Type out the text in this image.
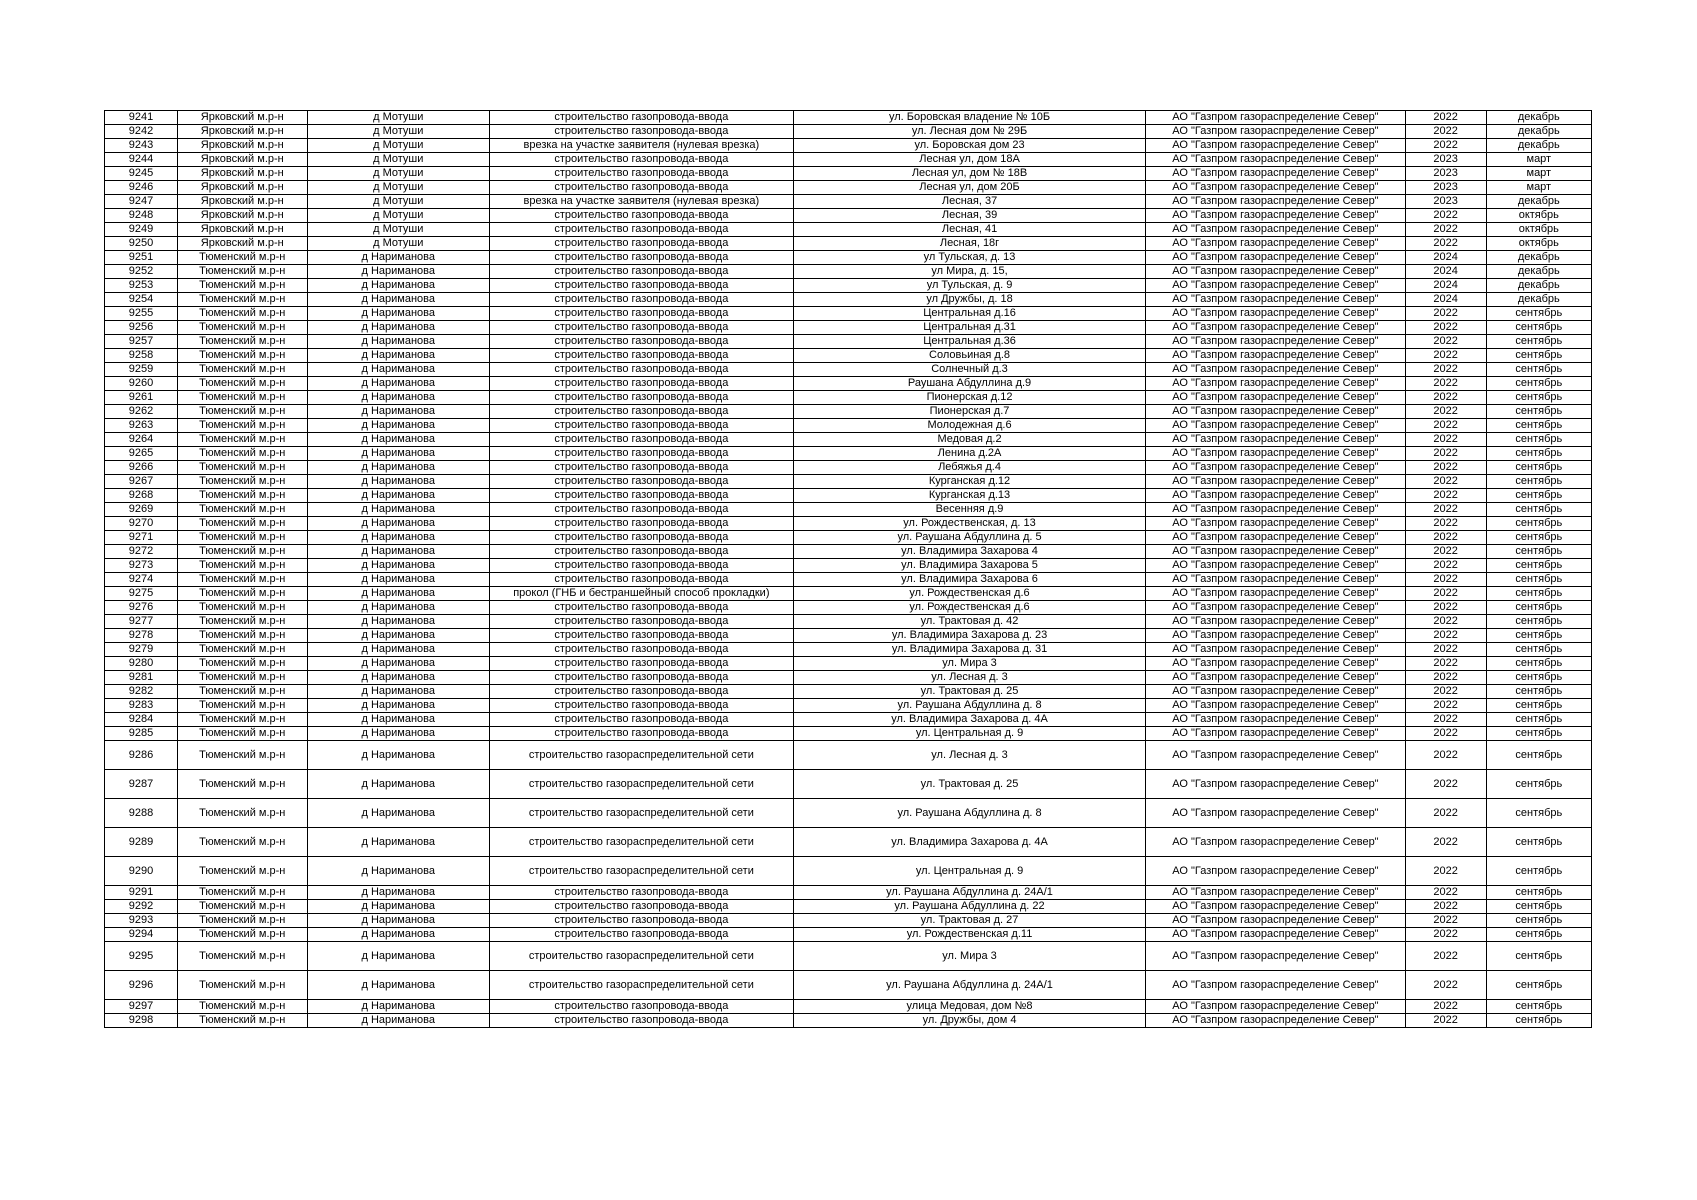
9241	Ярковский м.р-н	д Мотуши	строительство газопровода-ввода	ул. Боровская владение № 10Б	АО "Газпром газораспределение Север"	2022	декабрь
9242	Ярковский м.р-н	д Мотуши	строительство газопровода-ввода	ул. Лесная дом № 29Б	АО "Газпром газораспределение Север"	2022	декабрь
9243	Ярковский м.р-н	д Мотуши	врезка на участке заявителя (нулевая врезка)	ул. Боровская дом 23	АО "Газпром газораспределение Север"	2022	декабрь
9244	Ярковский м.р-н	д Мотуши	строительство газопровода-ввода	Лесная ул, дом 18А	АО "Газпром газораспределение Север"	2023	март
9245	Ярковский м.р-н	д Мотуши	строительство газопровода-ввода	Лесная ул, дом № 18В	АО "Газпром газораспределение Север"	2023	март
9246	Ярковский м.р-н	д Мотуши	строительство газопровода-ввода	Лесная ул, дом 20Б	АО "Газпром газораспределение Север"	2023	март
9247	Ярковский м.р-н	д Мотуши	врезка на участке заявителя (нулевая врезка)	Лесная, 37	АО "Газпром газораспределение Север"	2023	декабрь
9248	Ярковский м.р-н	д Мотуши	строительство газопровода-ввода	Лесная, 39	АО "Газпром газораспределение Север"	2022	октябрь
9249	Ярковский м.р-н	д Мотуши	строительство газопровода-ввода	Лесная, 41	АО "Газпром газораспределение Север"	2022	октябрь
9250	Ярковский м.р-н	д Мотуши	строительство газопровода-ввода	Лесная, 18г	АО "Газпром газораспределение Север"	2022	октябрь
9251	Тюменский м.р-н	д Нариманова	строительство газопровода-ввода	ул Тульская, д. 13	АО "Газпром газораспределение Север"	2024	декабрь
9252	Тюменский м.р-н	д Нариманова	строительство газопровода-ввода	ул Мира, д. 15,	АО "Газпром газораспределение Север"	2024	декабрь
9253	Тюменский м.р-н	д Нариманова	строительство газопровода-ввода	ул Тульская, д. 9	АО "Газпром газораспределение Север"	2024	декабрь
9254	Тюменский м.р-н	д Нариманова	строительство газопровода-ввода	ул Дружбы, д. 18	АО "Газпром газораспределение Север"	2024	декабрь
9255	Тюменский м.р-н	д Нариманова	строительство газопровода-ввода	Центральная д.16	АО "Газпром газораспределение Север"	2022	сентябрь
9256	Тюменский м.р-н	д Нариманова	строительство газопровода-ввода	Центральная д.31	АО "Газпром газораспределение Север"	2022	сентябрь
9257	Тюменский м.р-н	д Нариманова	строительство газопровода-ввода	Центральная д.36	АО "Газпром газораспределение Север"	2022	сентябрь
9258	Тюменский м.р-н	д Нариманова	строительство газопровода-ввода	Соловьиная д.8	АО "Газпром газораспределение Север"	2022	сентябрь
9259	Тюменский м.р-н	д Нариманова	строительство газопровода-ввода	Солнечный д.3	АО "Газпром газораспределение Север"	2022	сентябрь
9260	Тюменский м.р-н	д Нариманова	строительство газопровода-ввода	Раушана Абдуллина д.9	АО "Газпром газораспределение Север"	2022	сентябрь
9261	Тюменский м.р-н	д Нариманова	строительство газопровода-ввода	Пионерская д.12	АО "Газпром газораспределение Север"	2022	сентябрь
9262	Тюменский м.р-н	д Нариманова	строительство газопровода-ввода	Пионерская д.7	АО "Газпром газораспределение Север"	2022	сентябрь
9263	Тюменский м.р-н	д Нариманова	строительство газопровода-ввода	Молодежная д.6	АО "Газпром газораспределение Север"	2022	сентябрь
9264	Тюменский м.р-н	д Нариманова	строительство газопровода-ввода	Медовая д.2	АО "Газпром газораспределение Север"	2022	сентябрь
9265	Тюменский м.р-н	д Нариманова	строительство газопровода-ввода	Ленина д.2А	АО "Газпром газораспределение Север"	2022	сентябрь
9266	Тюменский м.р-н	д Нариманова	строительство газопровода-ввода	Лебяжья д.4	АО "Газпром газораспределение Север"	2022	сентябрь
9267	Тюменский м.р-н	д Нариманова	строительство газопровода-ввода	Курганская д.12	АО "Газпром газораспределение Север"	2022	сентябрь
9268	Тюменский м.р-н	д Нариманова	строительство газопровода-ввода	Курганская д.13	АО "Газпром газораспределение Север"	2022	сентябрь
9269	Тюменский м.р-н	д Нариманова	строительство газопровода-ввода	Весенняя д.9	АО "Газпром газораспределение Север"	2022	сентябрь
9270	Тюменский м.р-н	д Нариманова	строительство газопровода-ввода	ул. Рождественская, д. 13	АО "Газпром газораспределение Север"	2022	сентябрь
9271	Тюменский м.р-н	д Нариманова	строительство газопровода-ввода	ул. Раушана Абдуллина д. 5	АО "Газпром газораспределение Север"	2022	сентябрь
9272	Тюменский м.р-н	д Нариманова	строительство газопровода-ввода	ул. Владимира Захарова 4	АО "Газпром газораспределение Север"	2022	сентябрь
9273	Тюменский м.р-н	д Нариманова	строительство газопровода-ввода	ул. Владимира Захарова 5	АО "Газпром газораспределение Север"	2022	сентябрь
9274	Тюменский м.р-н	д Нариманова	строительство газопровода-ввода	ул. Владимира Захарова 6	АО "Газпром газораспределение Север"	2022	сентябрь
9275	Тюменский м.р-н	д Нариманова	прокол (ГНБ и бестраншейный способ прокладки)	ул. Рождественская д.6	АО "Газпром газораспределение Север"	2022	сентябрь
9276	Тюменский м.р-н	д Нариманова	строительство газопровода-ввода	ул. Рождественская д.6	АО "Газпром газораспределение Север"	2022	сентябрь
9277	Тюменский м.р-н	д Нариманова	строительство газопровода-ввода	ул. Трактовая д. 42	АО "Газпром газораспределение Север"	2022	сентябрь
9278	Тюменский м.р-н	д Нариманова	строительство газопровода-ввода	ул. Владимира Захарова д. 23	АО "Газпром газораспределение Север"	2022	сентябрь
9279	Тюменский м.р-н	д Нариманова	строительство газопровода-ввода	ул. Владимира Захарова д. 31	АО "Газпром газораспределение Север"	2022	сентябрь
9280	Тюменский м.р-н	д Нариманова	строительство газопровода-ввода	ул. Мира 3	АО "Газпром газораспределение Север"	2022	сентябрь
9281	Тюменский м.р-н	д Нариманова	строительство газопровода-ввода	ул. Лесная д. 3	АО "Газпром газораспределение Север"	2022	сентябрь
9282	Тюменский м.р-н	д Нариманова	строительство газопровода-ввода	ул. Трактовая д. 25	АО "Газпром газораспределение Север"	2022	сентябрь
9283	Тюменский м.р-н	д Нариманова	строительство газопровода-ввода	ул. Раушана Абдуллина д. 8	АО "Газпром газораспределение Север"	2022	сентябрь
9284	Тюменский м.р-н	д Нариманова	строительство газопровода-ввода	ул. Владимира Захарова д. 4А	АО "Газпром газораспределение Север"	2022	сентябрь
9285	Тюменский м.р-н	д Нариманова	строительство газопровода-ввода	ул. Центральная д. 9	АО "Газпром газораспределение Север"	2022	сентябрь
9286	Тюменский м.р-н	д Нариманова	строительство газораспределительной сети	ул. Лесная д. 3	АО "Газпром газораспределение Север"	2022	сентябрь
9287	Тюменский м.р-н	д Нариманова	строительство газораспределительной сети	ул. Трактовая д. 25	АО "Газпром газораспределение Север"	2022	сентябрь
9288	Тюменский м.р-н	д Нариманова	строительство газораспределительной сети	ул. Раушана Абдуллина д. 8	АО "Газпром газораспределение Север"	2022	сентябрь
9289	Тюменский м.р-н	д Нариманова	строительство газораспределительной сети	ул. Владимира Захарова д. 4А	АО "Газпром газораспределение Север"	2022	сентябрь
9290	Тюменский м.р-н	д Нариманова	строительство газораспределительной сети	ул. Центральная д. 9	АО "Газпром газораспределение Север"	2022	сентябрь
9291	Тюменский м.р-н	д Нариманова	строительство газопровода-ввода	ул. Раушана Абдуллина д. 24А/1	АО "Газпром газораспределение Север"	2022	сентябрь
9292	Тюменский м.р-н	д Нариманова	строительство газопровода-ввода	ул. Раушана Абдуллина д. 22	АО "Газпром газораспределение Север"	2022	сентябрь
9293	Тюменский м.р-н	д Нариманова	строительство газопровода-ввода	ул. Трактовая д. 27	АО "Газпром газораспределение Север"	2022	сентябрь
9294	Тюменский м.р-н	д Нариманова	строительство газопровода-ввода	ул. Рождественская д.11	АО "Газпром газораспределение Север"	2022	сентябрь
9295	Тюменский м.р-н	д Нариманова	строительство газораспределительной сети	ул. Мира 3	АО "Газпром газораспределение Север"	2022	сентябрь
9296	Тюменский м.р-н	д Нариманова	строительство газораспределительной сети	ул. Раушана Абдуллина д. 24А/1	АО "Газпром газораспределение Север"	2022	сентябрь
9297	Тюменский м.р-н	д Нариманова	строительство газопровода-ввода	улица Медовая, дом №8	АО "Газпром газораспределение Север"	2022	сентябрь
9298	Тюменский м.р-н	д Нариманова	строительство газопровода-ввода	ул. Дружбы, дом 4	АО "Газпром газораспределение Север"	2022	сентябрь
